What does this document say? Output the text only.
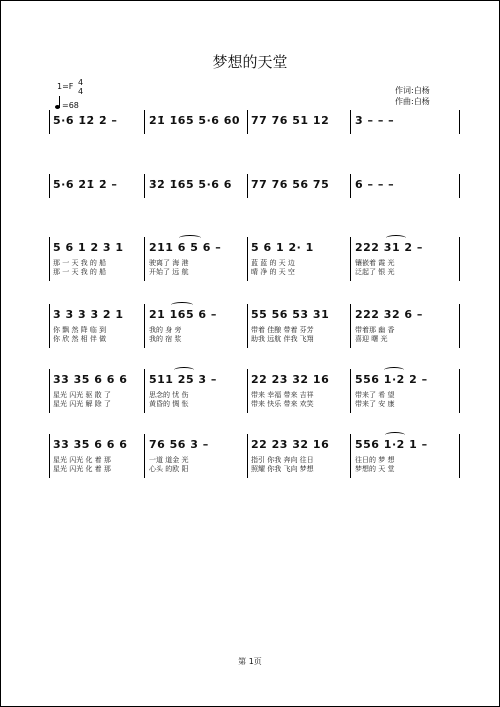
梦想的天堂
1=F 4
4
=68
作词:白杨
作曲:白杨
5·6 1̇2̇ 2̇ –	2̇1̇ 1̇65 5·6 60 77 76 51 12 3 – – –
5·6 2̇1̇ 2̇ –	3̇2̇ 1̇65 5·6 6 77 76 56 75 6 – – –
5 6 1 2 3 1
那 一 天 我 的 船
那 一 天 我 的 船
211 6 5 6 –
驶离了 海 港
开始了 远 航
5 6 1 2· 1
蓝 蓝 的 天 边
晴 净 的 天 空
222 31 2 –
镶嵌着 霞 光
泛起了 银 光
3 3 3 3 2 1
你 飘 然 降 临 到
你 欣 然 相 伴 做
21 165 6 –
我的 身 旁
我的 宿 浆
55 56 53 31
带着 佳酿 带着 芬芳
助我 远航 伴我 飞翔
222 32 6 –
带着那 幽 香
喜迎 曙 光
33 35 6 6 6
星光 闪光 驱 散 了
星光 闪光 解 除 了
511 25 3 –
思念的 忧 伤
黄昏的 惆 怅
22 23 32 16
带来 幸福 带来 吉祥
带来 快乐 带来 欢笑
556 1·2 2 –
带来了 希 望
带来了 安 康
33 35 6 6 6
星光 闪光 化 着 那
星光 闪光 化 着 那
76 56 3 –
一道 道金 光
心头 的欧 阳
22 23 32 16
指引 你我 奔向 往日
照耀 你我 飞向 梦想
556 1·2 1 –
往日的 梦 想
梦想的 天 堂
第 1页
